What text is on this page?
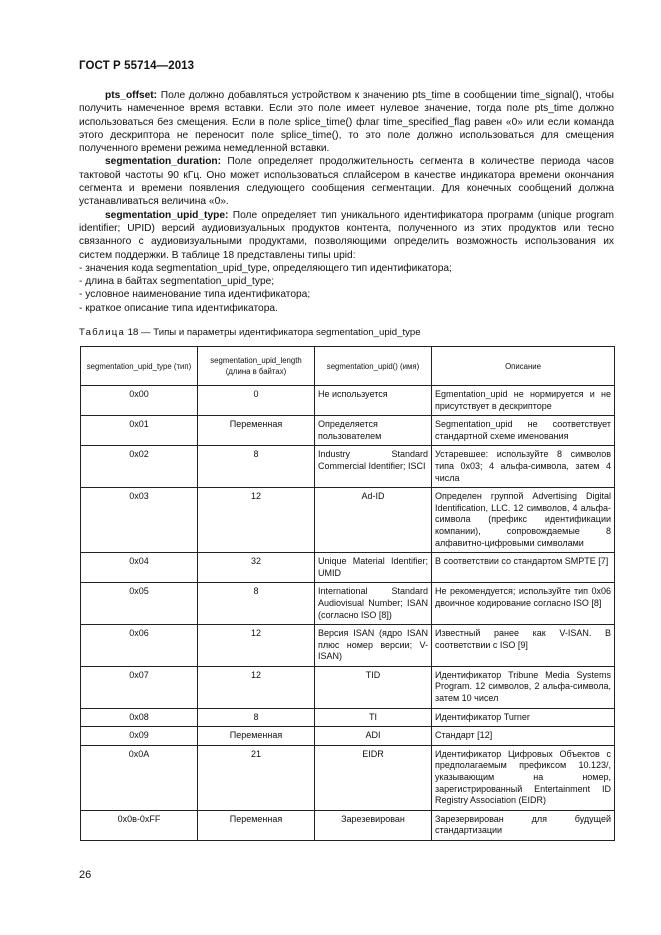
ГОСТ Р 55714—2013

pts_offset: Поле должно добавляться устройством к значению pts_time в сообщении time_signal(), чтобы получить намеченное время вставки. Если это поле имеет нулевое значение, тогда поле pts_time должно использоваться без смещения. Если в поле splice_time() флаг time_specified_flag равен «0» или если команда этого дескриптора не переносит поле splice_time(), то это поле должно использоваться для смещения полученного времени режима немедленной вставки.

segmentation_duration: Поле определяет продолжительность сегмента в количестве периода часов тактовой частоты 90 кГц. Оно может использоваться сплайсером в качестве индикатора времени окончания сегмента и времени появления следующего сообщения сегментации. Для конечных сообщений должна устанавливаться величина «0».

segmentation_upid_type: Поле определяет тип уникального идентификатора программ (unique program identifier; UPID) версий аудиовизуальных продуктов контента, полученного из этих продуктов или тесно связанного с аудиовизуальными продуктами, позволяющими определить возможность использования их систем поддержки. В таблице 18 представлены типы upid:

- значения кода segmentation_upid_type, определяющего тип идентификатора;

- длина в байтах segmentation_upid_type;

- условное наименование типа идентификатора;

- краткое описание типа идентификатора.

Таблица 18 — Типы и параметры идентификатора segmentation_upid_type
segmentation_upid_type (тип)	segmentation_upid_length (длина в байтах)	segmentation_upid() (имя)	Описание
0x00	0	Не используется	Egmentation_upid не нормируется и не присутствует в дескрипторе
0x01	Переменная	Определяется пользователем	Segmentation_upid не соответствует стандартной схеме именования
0x02	8	Industry Standard Commercial Identifier; ISCI	Устаревшее: используйте 8 символов типа 0x03; 4 альфа-символа, затем 4 числа
0x03	12	Ad-ID	Определен группой Advertising Digital Identification, LLC. 12 символов, 4 альфа-символа (префикс идентификации компании), сопровождаемые 8 алфавитно-цифровыми символами
0x04	32	Unique Material Identifier; UMID	В соответствии со стандартом SMPTE [7]
0x05	8	International Standard Audiovisual Number; ISAN (согласно ISO [8])	Не рекомендуется; используйте тип 0x06 двоичное кодирование согласно ISO [8]
0x06	12	Версия ISAN (ядро ISAN плюс номер версии; V-ISAN)	Известный ранее как V-ISAN. В соответствии с ISO [9]
0x07	12	TID	Идентификатор Tribune Media Systems Program. 12 символов, 2 альфа-символа, затем 10 чисел
0x08	8	TI	Идентификатор Turner
0x09	Переменная	ADI	Стандарт [12]
0x0A	21	EIDR	Идентификатор Цифровых Объектов с предполагаемым префиксом 10.123/, указывающим на номер, зарегистрированный Entertainment ID Registry Association (EIDR)
0x0в-0xFF	Переменная	Зарезевирован	Зарезервирован для будущей стандартизации
26
